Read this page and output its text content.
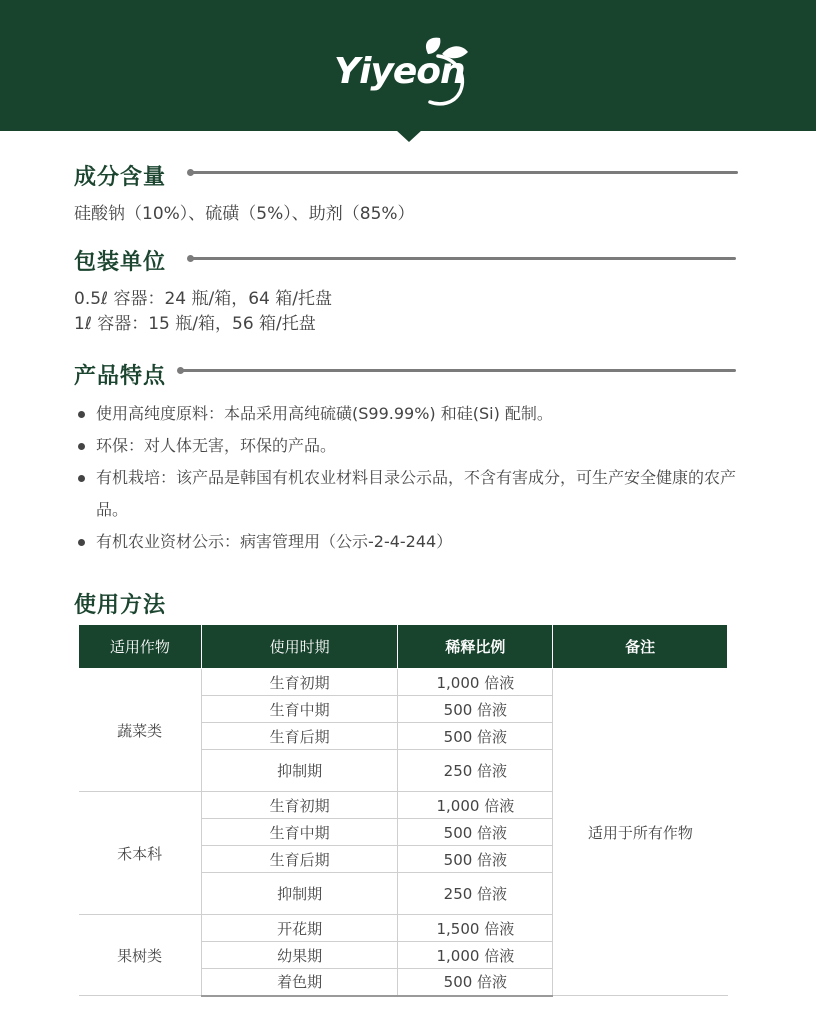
Yiyeon
成分含量
硅酸钠（10%）、硫磺（5%）、助剂（85%）
包装单位
0.5ℓ 容器：24 瓶/箱，64 箱/托盘
1ℓ 容器：15 瓶/箱，56 箱/托盘
产品特点
使用高纯度原料：本品采用高纯硫磺(S99.99%) 和硅(Si) 配制。
环保：对人体无害，环保的产品。
有机栽培：该产品是韩国有机农业材料目录公示品，不含有害成分，可生产安全健康的农产品。
有机农业资材公示：病害管理用（公示-2-4-244）
使用方法
适用作物	使用时期	稀释比例	备注
蔬菜类	生育初期	1,000 倍液	适用于所有作物
	生育中期	500 倍液	
	生育后期	500 倍液	
	抑制期	250 倍液	
禾本科	生育初期	1,000 倍液	
	生育中期	500 倍液	
	生育后期	500 倍液	
	抑制期	250 倍液	
果树类	开花期	1,500 倍液	
	幼果期	1,000 倍液	
	着色期	500 倍液	
